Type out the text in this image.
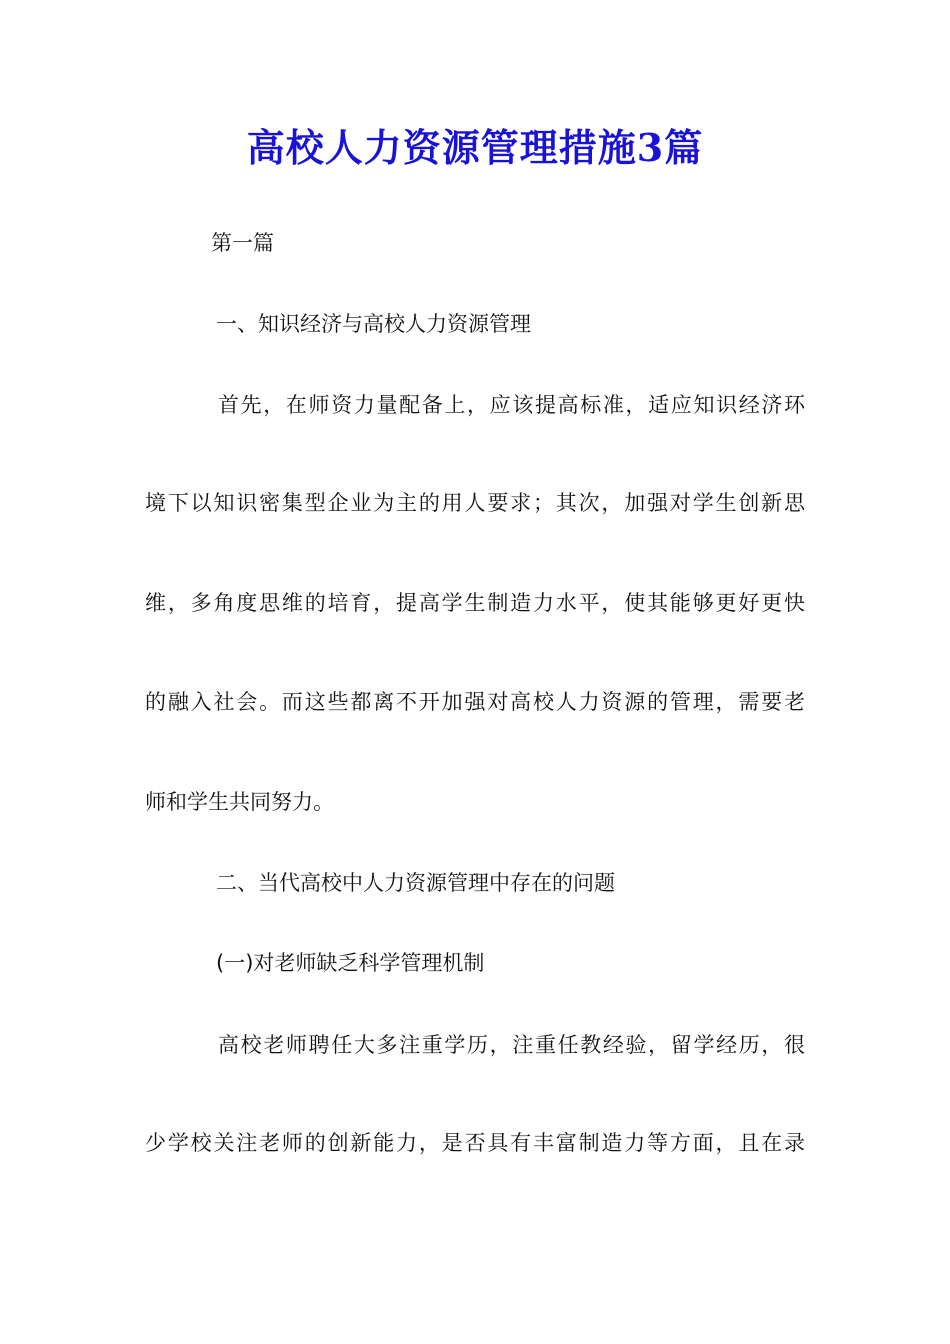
高校人力资源管理措施3篇
第一篇
一、知识经济与高校人力资源管理
首先，在师资力量配备上，应该提高标准，适应知识经济环
境下以知识密集型企业为主的用人要求；其次，加强对学生创新思
维，多角度思维的培育，提高学生制造力水平，使其能够更好更快
的融入社会。而这些都离不开加强对高校人力资源的管理，需要老
师和学生共同努力。
二、当代高校中人力资源管理中存在的问题
(一)对老师缺乏科学管理机制
高校老师聘任大多注重学历，注重任教经验，留学经历，很
少学校关注老师的创新能力，是否具有丰富制造力等方面，且在录
